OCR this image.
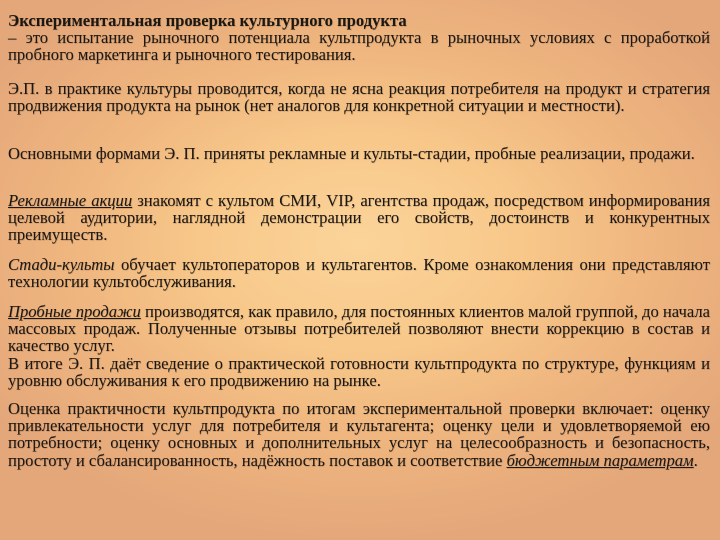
Экспериментальная проверка культурного продукта

– это испытание рыночного потенциала культпродукта в рыночных условиях с проработкой пробного маркетинга и рыночного тестирования.

Э.П. в практике культуры проводится, когда не ясна реакция потребителя на продукт и стратегия продвижения продукта на рынок (нет аналогов для конкретной ситуации и местности).

Основными формами Э. П. приняты рекламные и культы-стадии, пробные реализации, продажи.

Рекламные акции знакомят с культом СМИ, VIP, агентства продаж, посредством информирования целевой аудитории, наглядной демонстрации его свойств, достоинств и конкурентных преимуществ.

Стади-культы обучает культоператоров и культагентов. Кроме ознакомления они представляют технологии культобслуживания.

Пробные продажи производятся, как правило, для постоянных клиентов малой группой, до начала массовых продаж. Полученные отзывы потребителей позволяют внести коррекцию в состав и качество услуг.

В итоге Э. П. даёт сведение о практической готовности культпродукта по структуре, функциям и уровню обслуживания к его продвижению на рынке.

Оценка практичности культпродукта по итогам экспериментальной проверки включает: оценку привлекательности услуг для потребителя и культагента; оценку цели и удовлетворяемой ею потребности; оценку основных и дополнительных услуг на целесообразность и безопасность, простоту и сбалансированность, надёжность поставок и соответствие бюджетным параметрам.
